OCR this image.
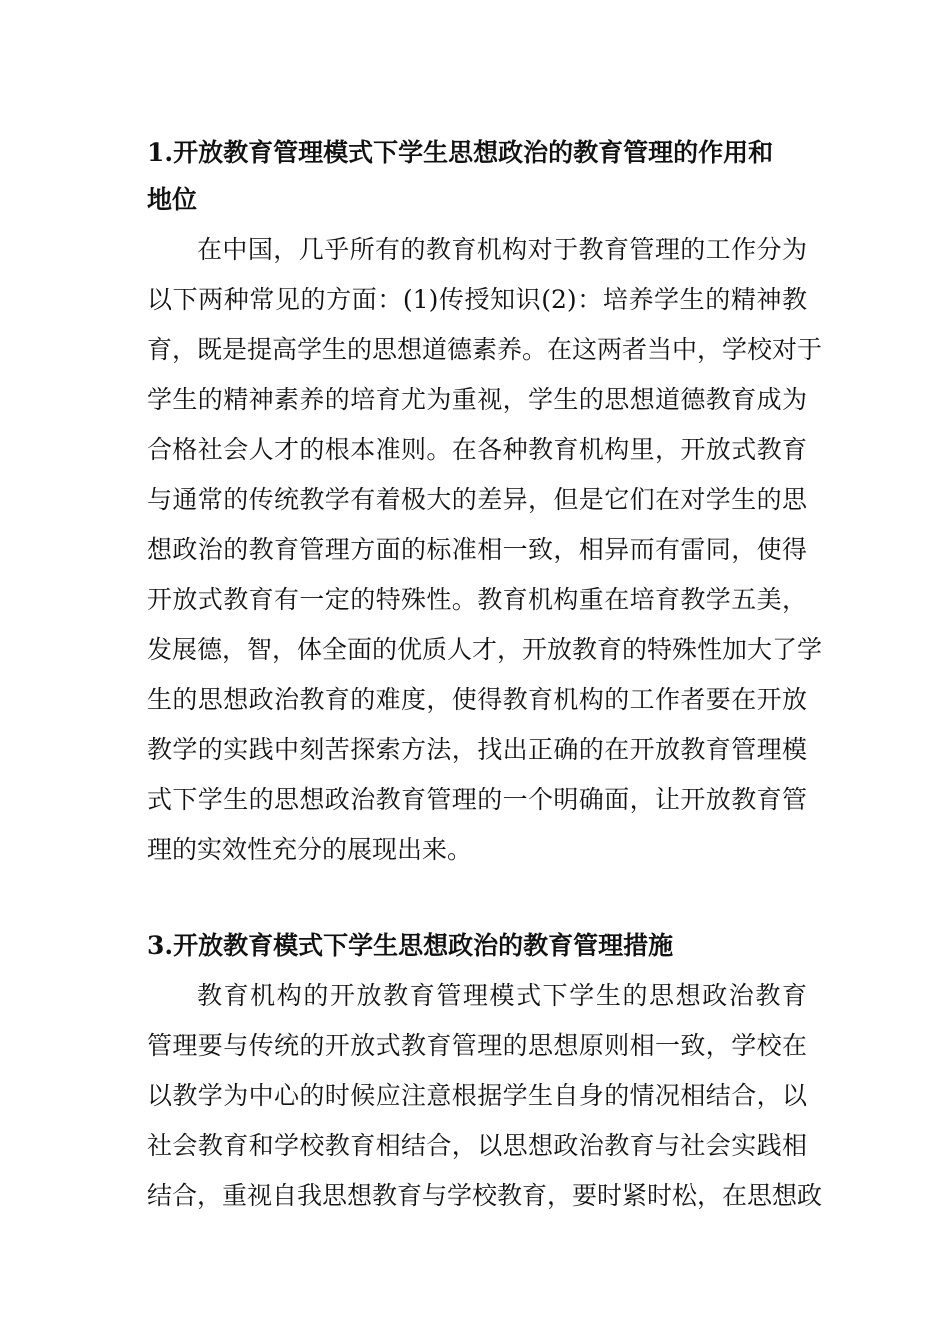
1.开放教育管理模式下学生思想政治的教育管理的作用和
地位

在中国，几乎所有的教育机构对于教育管理的工作分为

以下两种常见的方面：(1)传授知识(2)：培养学生的精神教

育，既是提高学生的思想道德素养。在这两者当中，学校对于

学生的精神素养的培育尤为重视，学生的思想道德教育成为

合格社会人才的根本准则。在各种教育机构里，开放式教育

与通常的传统教学有着极大的差异，但是它们在对学生的思

想政治的教育管理方面的标准相一致，相异而有雷同，使得

开放式教育有一定的特殊性。教育机构重在培育教学五美，

发展德，智，体全面的优质人才，开放教育的特殊性加大了学

生的思想政治教育的难度，使得教育机构的工作者要在开放

教学的实践中刻苦探索方法，找出正确的在开放教育管理模

式下学生的思想政治教育管理的一个明确面，让开放教育管

理的实效性充分的展现出来。

3.开放教育模式下学生思想政治的教育管理措施

教育机构的开放教育管理模式下学生的思想政治教育

管理要与传统的开放式教育管理的思想原则相一致，学校在

以教学为中心的时候应注意根据学生自身的情况相结合，以

社会教育和学校教育相结合，以思想政治教育与社会实践相

结合，重视自我思想教育与学校教育，要时紧时松，在思想政
